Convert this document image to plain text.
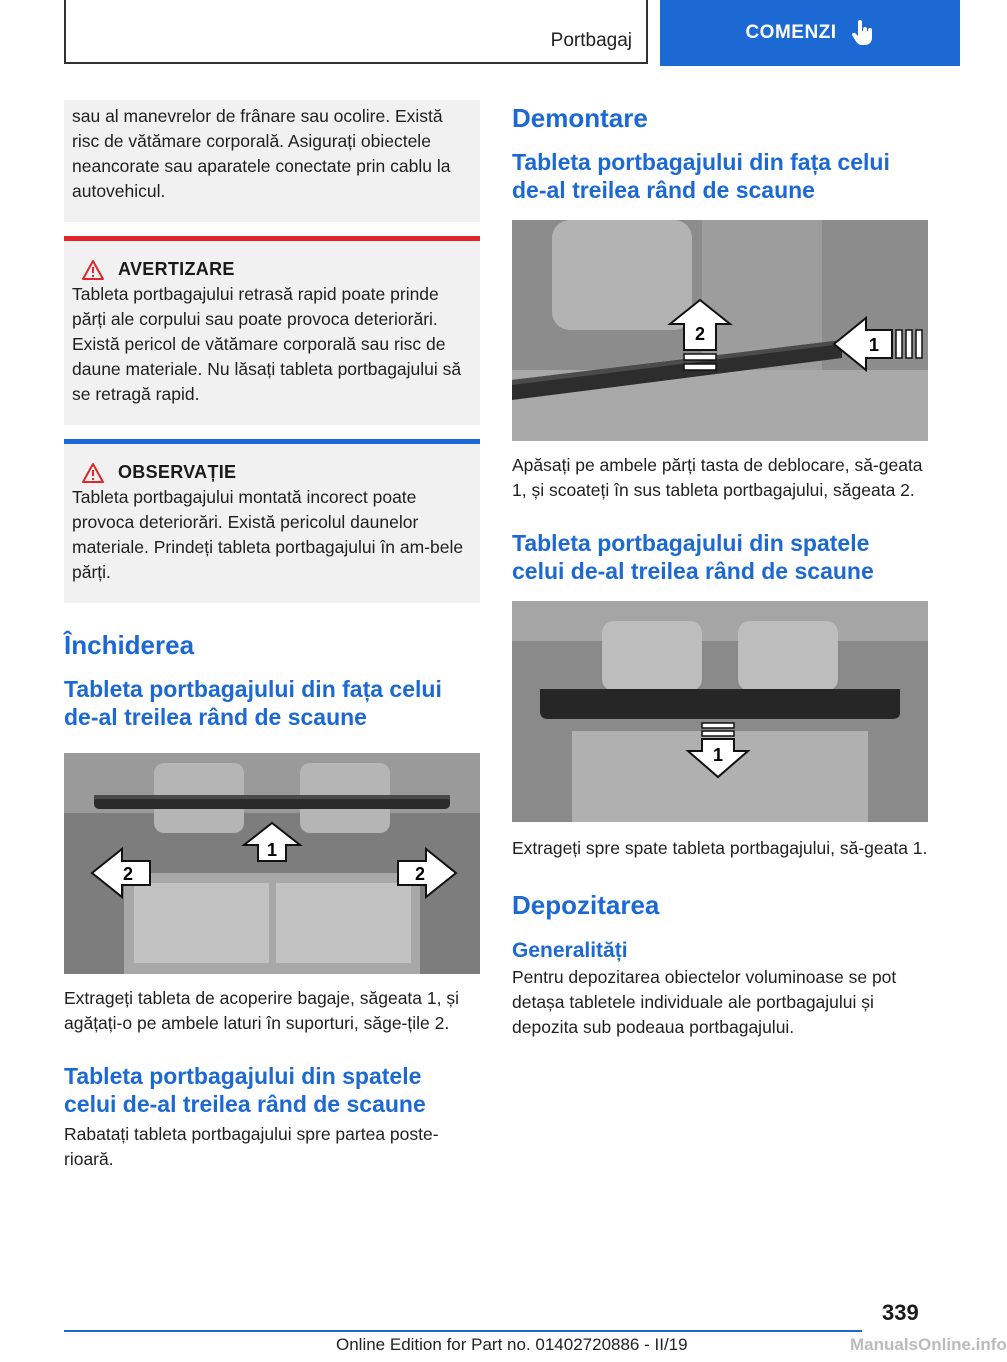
Portbagaj	COMENZI

sau al manevrelor de frânare sau ocolire. Există risc de vătămare corporală. Asigurați obiectele neancorate sau aparatele conectate prin cablu la autovehicul.

AVERTIZARE

Tableta portbagajului retrasă rapid poate prinde părți ale corpului sau poate provoca deteriorări. Există pericol de vătămare corporală sau risc de daune materiale. Nu lăsați tableta portbagajului să se retragă rapid.

OBSERVAȚIE

Tableta portbagajului montată incorect poate provoca deteriorări. Există pericolul daunelor materiale. Prindeți tableta portbagajului în am-bele părți.

Închiderea
Tableta portbagajului din fața celui de-al treilea rând de scaune
1
2	2

Extrageți tableta de acoperire bagaje, săgeata 1, și agățați-o pe ambele laturi în suporturi, săge-țile 2.

Tableta portbagajului din spatele celui de-al treilea rând de scaune

Rabatați tableta portbagajului spre partea poste-rioară.

Demontare
Tableta portbagajului din fața celui de-al treilea rând de scaune
2
1

Apăsați pe ambele părți tasta de deblocare, să-geata 1, și scoateți în sus tableta portbagajului, săgeata 2.

Tableta portbagajului din spatele celui de-al treilea rând de scaune
1

Extrageți spre spate tableta portbagajului, să-geata 1.

Depozitarea
Generalități

Pentru depozitarea obiectelor voluminoase se pot detașa tabletele individuale ale portbagajului și depozita sub podeaua portbagajului.

339
Online Edition for Part no. 01402720886 - II/19	ManualsOnline.info
